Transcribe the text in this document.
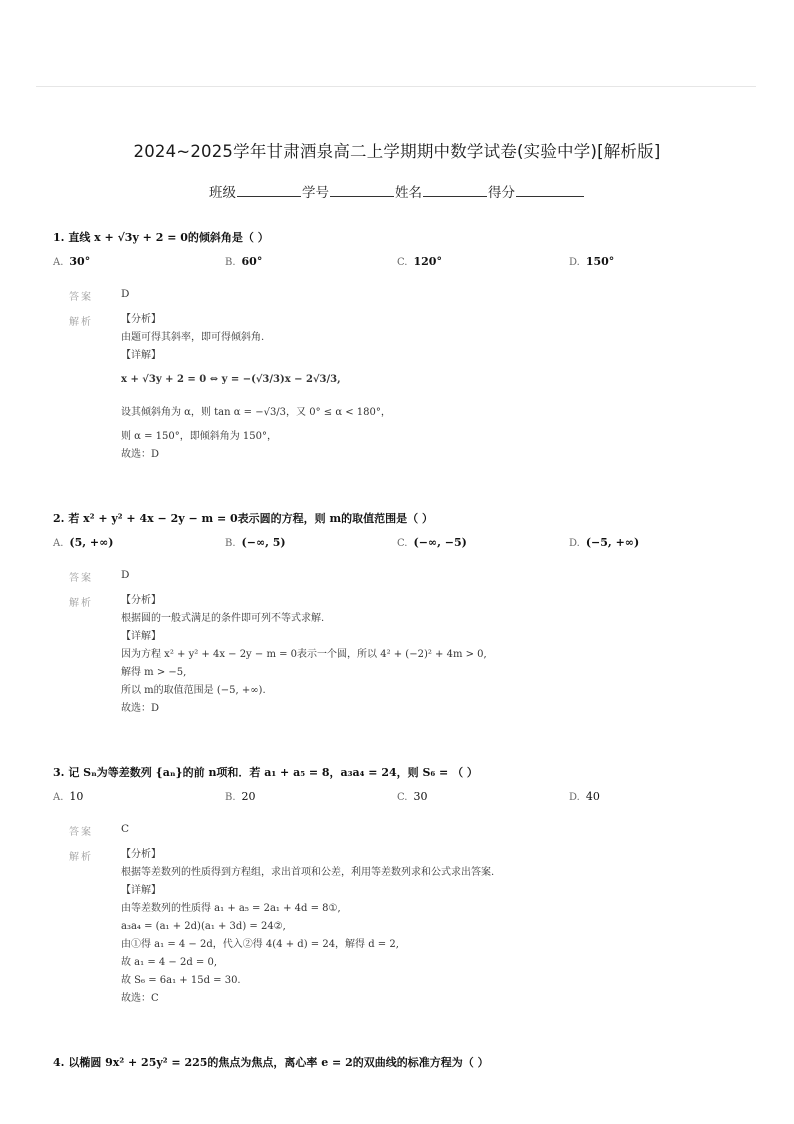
2024~2025学年甘肃酒泉高二上学期期中数学试卷(实验中学)[解析版]
班级	学号	姓名	得分
1. 直线 x + √3y + 2 = 0的倾斜角是（ ）
A. 30°	B. 60°	C. 120°	D. 150°
答案	D
解析	【分析】
由题可得其斜率，即可得倾斜角.
【详解】
x + √3y + 2 = 0 ⇔ y = −(√3/3)x − 2√3/3,
设其倾斜角为 α，则 tan α = −√3/3，又 0° ≤ α < 180°，
则 α = 150°，即倾斜角为 150°，
故选：D
2. 若 x² + y² + 4x − 2y − m = 0表示圆的方程，则 m的取值范围是（ ）
A. (5, +∞)	B. (−∞, 5)	C. (−∞, −5)	D. (−5, +∞)
答案	D
解析	【分析】
根据圆的一般式满足的条件即可列不等式求解.
【详解】
因为方程 x² + y² + 4x − 2y − m = 0表示一个圆，所以 4² + (−2)² + 4m > 0,
解得 m > −5,
所以 m的取值范围是 (−5, +∞).
故选：D
3. 记 Sₙ为等差数列 {aₙ}的前 n项和．若 a₁ + a₅ = 8，a₃a₄ = 24，则 S₆ = （ ）
A. 10	B. 20	C. 30	D. 40
答案	C
解析	【分析】
根据等差数列的性质得到方程组，求出首项和公差，利用等差数列求和公式求出答案.
【详解】
由等差数列的性质得 a₁ + a₅ = 2a₁ + 4d = 8①,
a₃a₄ = (a₁ + 2d)(a₁ + 3d) = 24②,
由①得 a₁ = 4 − 2d，代入②得 4(4 + d) = 24，解得 d = 2,
故 a₁ = 4 − 2d = 0,
故 S₆ = 6a₁ + 15d = 30.
故选：C
4. 以椭圆 9x² + 25y² = 225的焦点为焦点，离心率 e = 2的双曲线的标准方程为（ ）
